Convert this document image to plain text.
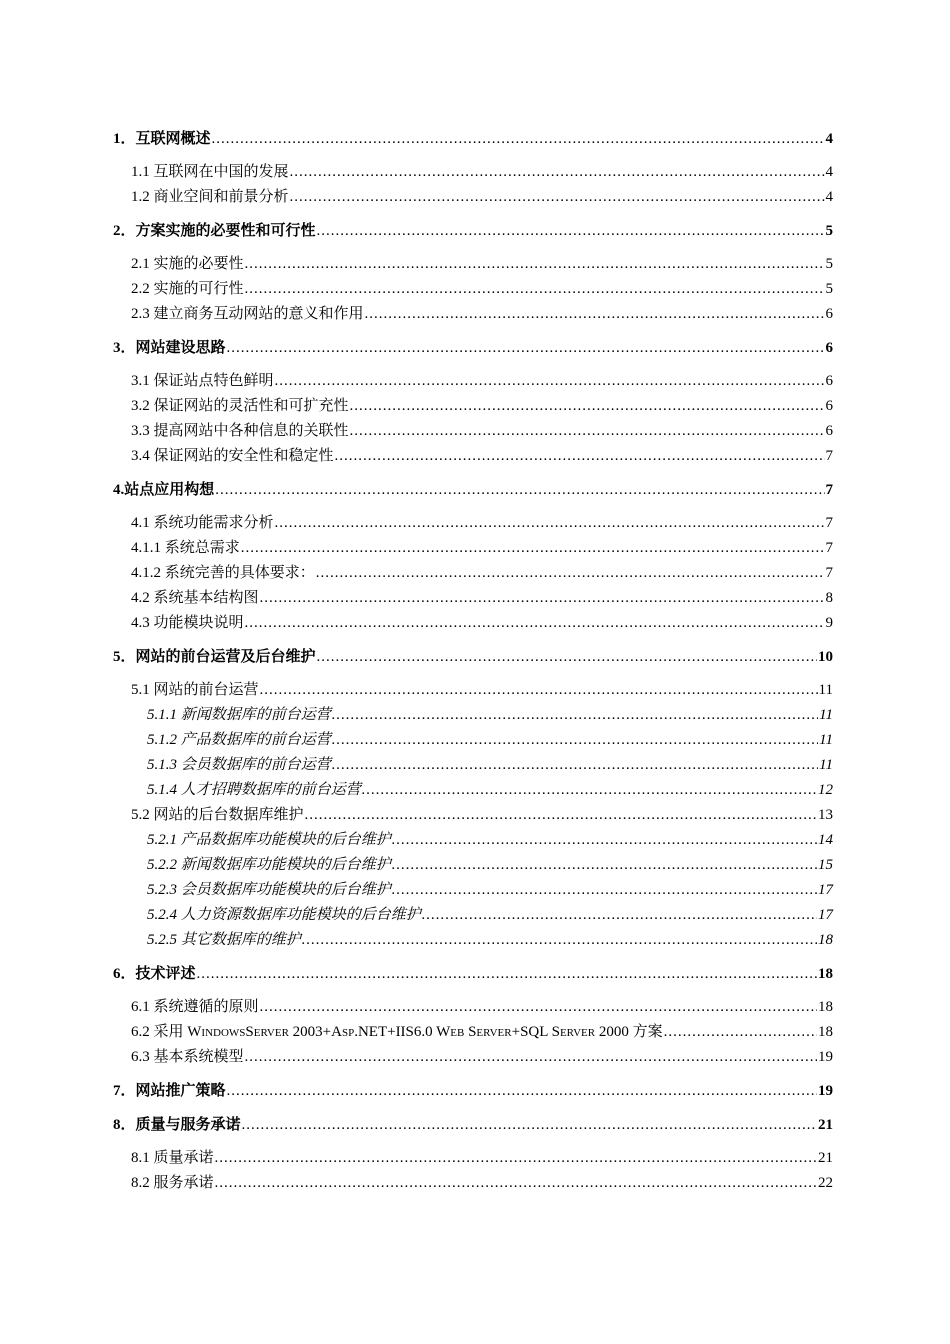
1．互联网概述 .....	4
1.1 互联网在中国的发展 .....	4
1.2 商业空间和前景分析 .....	4
2．方案实施的必要性和可行性 .....	5
2.1 实施的必要性 .....	5
2.2 实施的可行性 .....	5
2.3 建立商务互动网站的意义和作用 .....	6
3．网站建设思路 .....	6
3.1 保证站点特色鲜明 .....	6
3.2 保证网站的灵活性和可扩充性 .....	6
3.3 提高网站中各种信息的关联性 .....	6
3.4 保证网站的安全性和稳定性 .....	7
4.站点应用构想 .....	7
4.1 系统功能需求分析 .....	7
4.1.1 系统总需求 .....	7
4.1.2 系统完善的具体要求： .....	7
4.2 系统基本结构图 .....	8
4.3 功能模块说明 .....	9
5．网站的前台运营及后台维护 .....	10
5.1 网站的前台运营 .....	11
5.1.1 新闻数据库的前台运营 .....	11
5.1.2 产品数据库的前台运营 .....	11
5.1.3 会员数据库的前台运营 .....	11
5.1.4 人才招聘数据库的前台运营 .....	12
5.2 网站的后台数据库维护 .....	13
5.2.1 产品数据库功能模块的后台维护 .....	14
5.2.2 新闻数据库功能模块的后台维护 .....	15
5.2.3 会员数据库功能模块的后台维护 .....	17
5.2.4 人力资源数据库功能模块的后台维护 .....	17
5.2.5 其它数据库的维护 .....	18
6．技术评述 .....	18
6.1 系统遵循的原则 .....	18
6.2 采用 WindowsServer 2003+Asp.NET+IIS6.0 Web Server+SQL Server 2000 方案 .....	18
6.3 基本系统模型 .....	19
7．网站推广策略 .....	19
8．质量与服务承诺 .....	21
8.1 质量承诺 .....	21
8.2 服务承诺 .....	22
